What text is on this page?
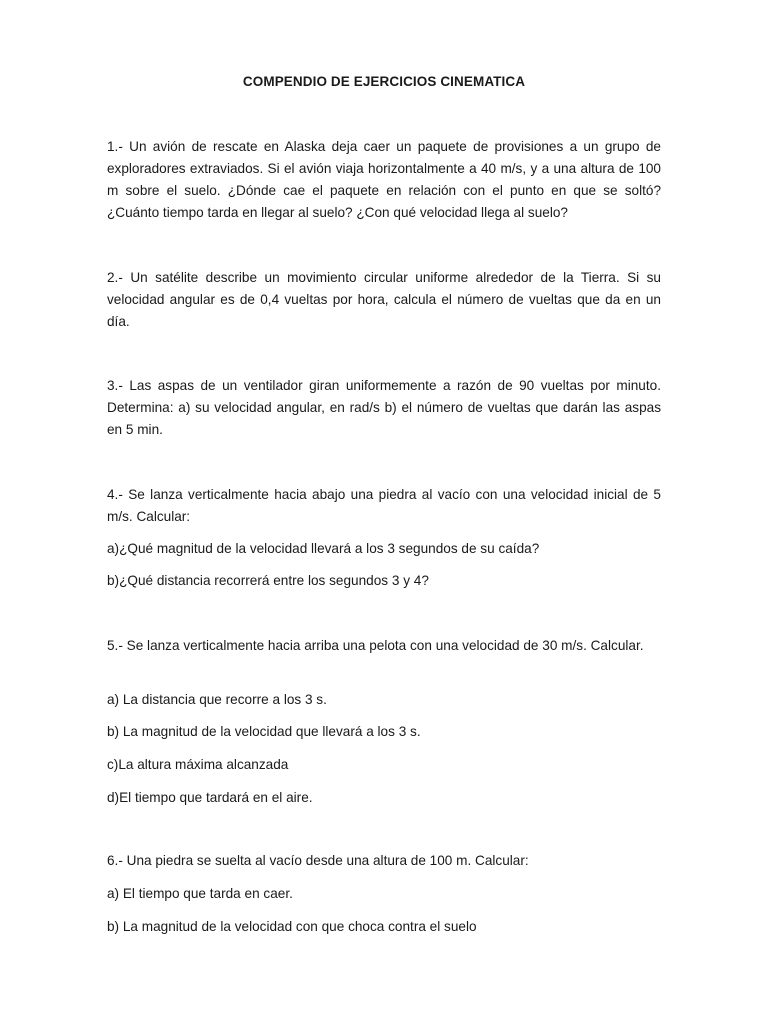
COMPENDIO DE EJERCICIOS CINEMATICA

1.- Un avión de rescate en Alaska deja caer un paquete de provisiones a un grupo de exploradores extraviados. Si el avión viaja horizontalmente a 40 m/s, y a una altura de 100 m sobre el suelo. ¿Dónde cae el paquete en relación con el punto en que se soltó? ¿Cuánto tiempo tarda en llegar al suelo? ¿Con qué velocidad llega al suelo?

2.- Un satélite describe un movimiento circular uniforme alrededor de la Tierra. Si su velocidad angular es de 0,4 vueltas por hora, calcula el número de vueltas que da en un día.

3.- Las aspas de un ventilador giran uniformemente a razón de 90 vueltas por minuto. Determina: a) su velocidad angular, en rad/s b) el número de vueltas que darán las aspas en 5 min.

4.- Se lanza verticalmente hacia abajo una piedra al vacío con una velocidad inicial de 5 m/s. Calcular:

a)¿Qué magnitud de la velocidad llevará a los 3 segundos de su caída?

b)¿Qué distancia recorrerá entre los segundos 3 y 4?

5.- Se lanza verticalmente hacia arriba una pelota con una velocidad de 30 m/s. Calcular.

a) La distancia que recorre a los 3 s.

b) La magnitud de la velocidad que llevará a los 3 s.

c)La altura máxima alcanzada

d)El tiempo que tardará en el aire.

6.- Una piedra se suelta al vacío desde una altura de 100 m. Calcular:

a) El tiempo que tarda en caer.

b) La magnitud de la velocidad con que choca contra el suelo
